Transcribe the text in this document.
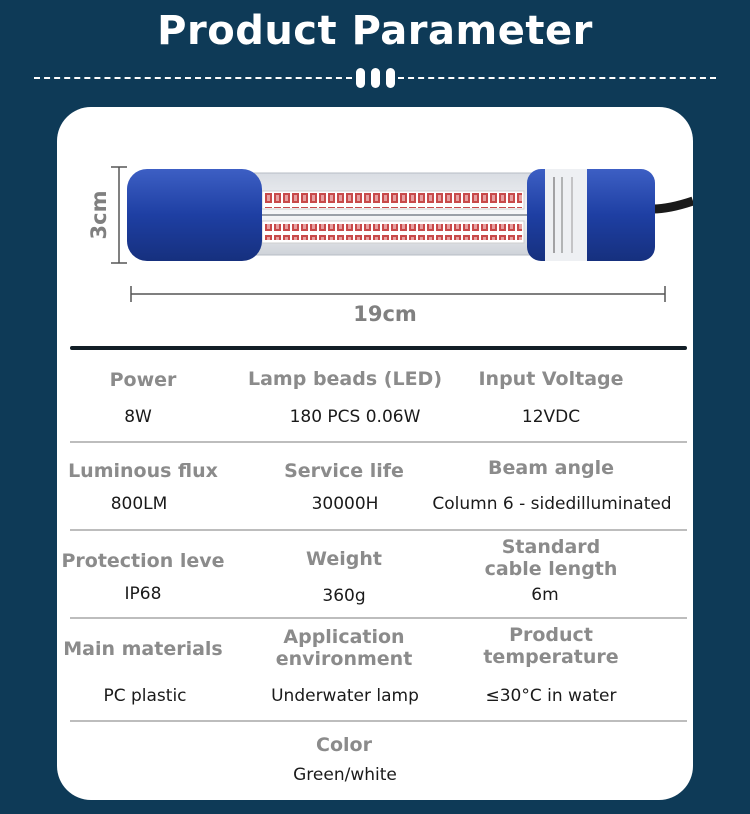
Product Parameter
3cm
19cm
Power
8W
Lamp beads (LED)
180 PCS 0.06W
Input Voltage
12VDC
Luminous flux
800LM
Service life
30000H
Beam angle
Column 6 - sidedilluminated
Protection leve
IP68
Weight
360g
Standard
cable length
6m
Main materials
PC plastic
Application
environment
Underwater lamp
Product
temperature
≤30°C in water
Color
Green/white
